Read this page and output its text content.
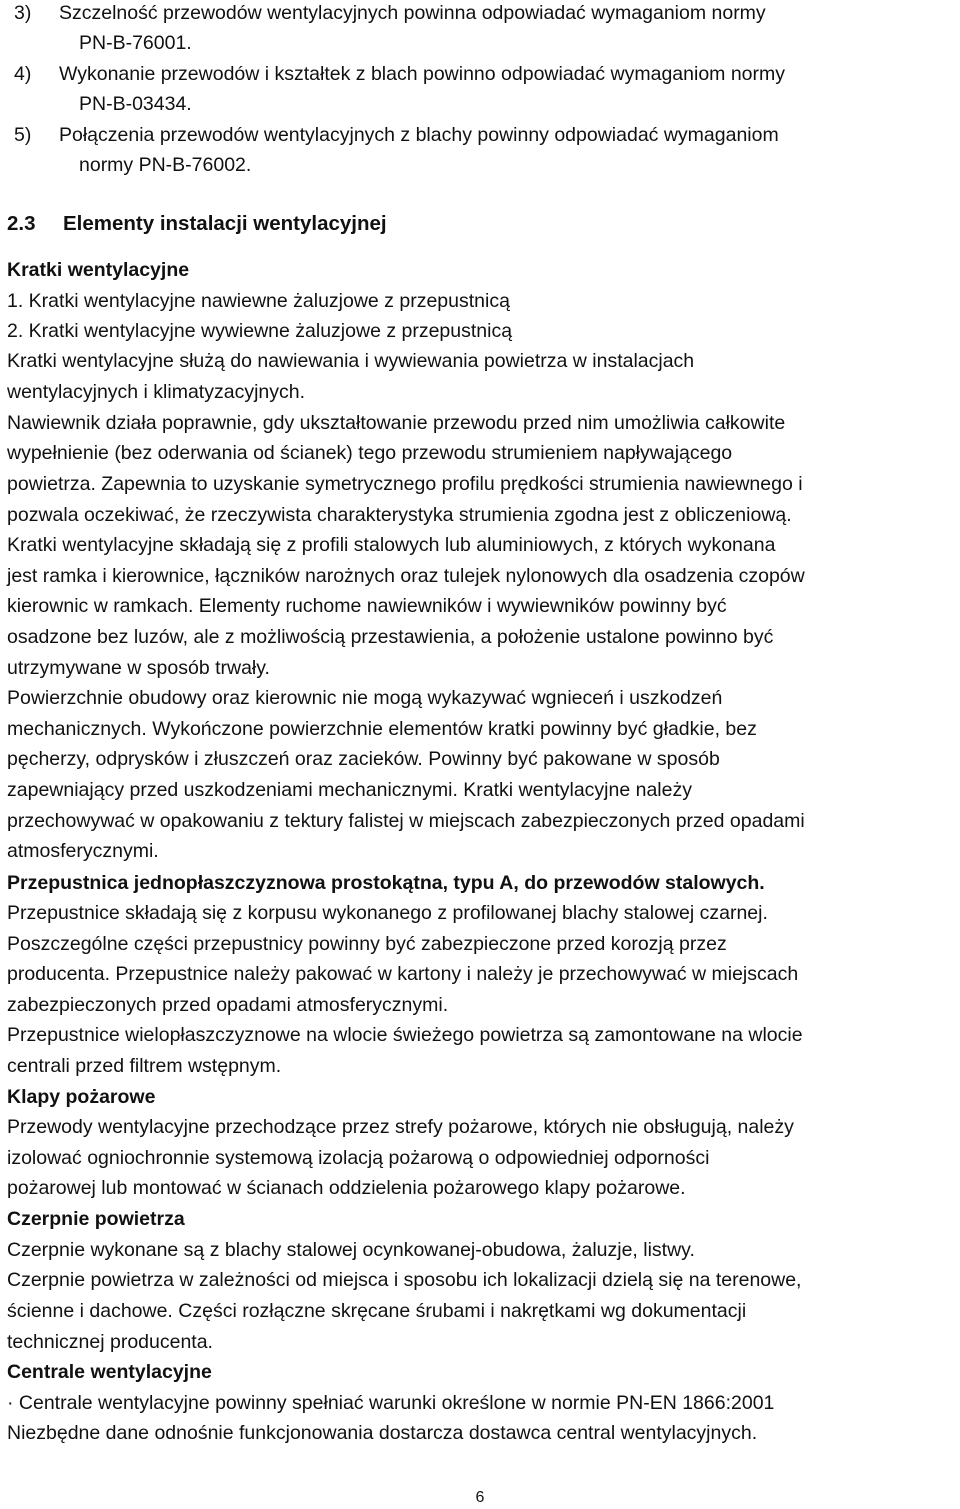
3) Szczelność przewodów wentylacyjnych powinna odpowiadać wymaganiom normy
PN-B-76001.
4) Wykonanie przewodów i kształtek z blach powinno odpowiadać wymaganiom normy
PN-B-03434.
5) Połączenia przewodów wentylacyjnych z blachy powinny odpowiadać wymaganiom
normy PN-B-76002.
2.3 Elementy instalacji wentylacyjnej
Kratki wentylacyjne
1. Kratki wentylacyjne nawiewne żaluzjowe z przepustnicą
2. Kratki wentylacyjne wywiewne żaluzjowe z przepustnicą
Kratki wentylacyjne służą do nawiewania i wywiewania powietrza w instalacjach
wentylacyjnych i klimatyzacyjnych.
Nawiewnik działa poprawnie, gdy ukształtowanie przewodu przed nim umożliwia całkowite
wypełnienie (bez oderwania od ścianek) tego przewodu strumieniem napływającego
powietrza. Zapewnia to uzyskanie symetrycznego profilu prędkości strumienia nawiewnego i
pozwala oczekiwać, że rzeczywista charakterystyka strumienia zgodna jest z obliczeniową.
Kratki wentylacyjne składają się z profili stalowych lub aluminiowych, z których wykonana
jest ramka i kierownice, łączników narożnych oraz tulejek nylonowych dla osadzenia czopów
kierownic w ramkach. Elementy ruchome nawiewników i wywiewników powinny być
osadzone bez luzów, ale z możliwością przestawienia, a położenie ustalone powinno być
utrzymywane w sposób trwały.
Powierzchnie obudowy oraz kierownic nie mogą wykazywać wgnieceń i uszkodzeń
mechanicznych. Wykończone powierzchnie elementów kratki powinny być gładkie, bez
pęcherzy, odprysków i złuszczeń oraz zacieków. Powinny być pakowane w sposób
zapewniający przed uszkodzeniami mechanicznymi. Kratki wentylacyjne należy
przechowywać w opakowaniu z tektury falistej w miejscach zabezpieczonych przed opadami
atmosferycznymi.
Przepustnica jednopłaszczyznowa prostokątna, typu A, do przewodów stalowych.
Przepustnice składają się z korpusu wykonanego z profilowanej blachy stalowej czarnej.
Poszczególne części przepustnicy powinny być zabezpieczone przed korozją przez
producenta. Przepustnice należy pakować w kartony i należy je przechowywać w miejscach
zabezpieczonych przed opadami atmosferycznymi.
Przepustnice wielopłaszczyznowe na wlocie świeżego powietrza są zamontowane na wlocie
centrali przed filtrem wstępnym.
Klapy pożarowe
Przewody wentylacyjne przechodzące przez strefy pożarowe, których nie obsługują, należy
izolować ogniochronnie systemową izolacją pożarową o odpowiedniej odporności
pożarowej lub montować w ścianach oddzielenia pożarowego klapy pożarowe.
Czerpnie powietrza
Czerpnie wykonane są z blachy stalowej ocynkowanej-obudowa, żaluzje, listwy.
Czerpnie powietrza w zależności od miejsca i sposobu ich lokalizacji dzielą się na terenowe,
ścienne i dachowe. Części rozłączne skręcane śrubami i nakrętkami wg dokumentacji
technicznej producenta.
Centrale wentylacyjne
· Centrale wentylacyjne powinny spełniać warunki określone w normie PN-EN 1866:2001
Niezbędne dane odnośnie funkcjonowania dostarcza dostawca central wentylacyjnych.
6
